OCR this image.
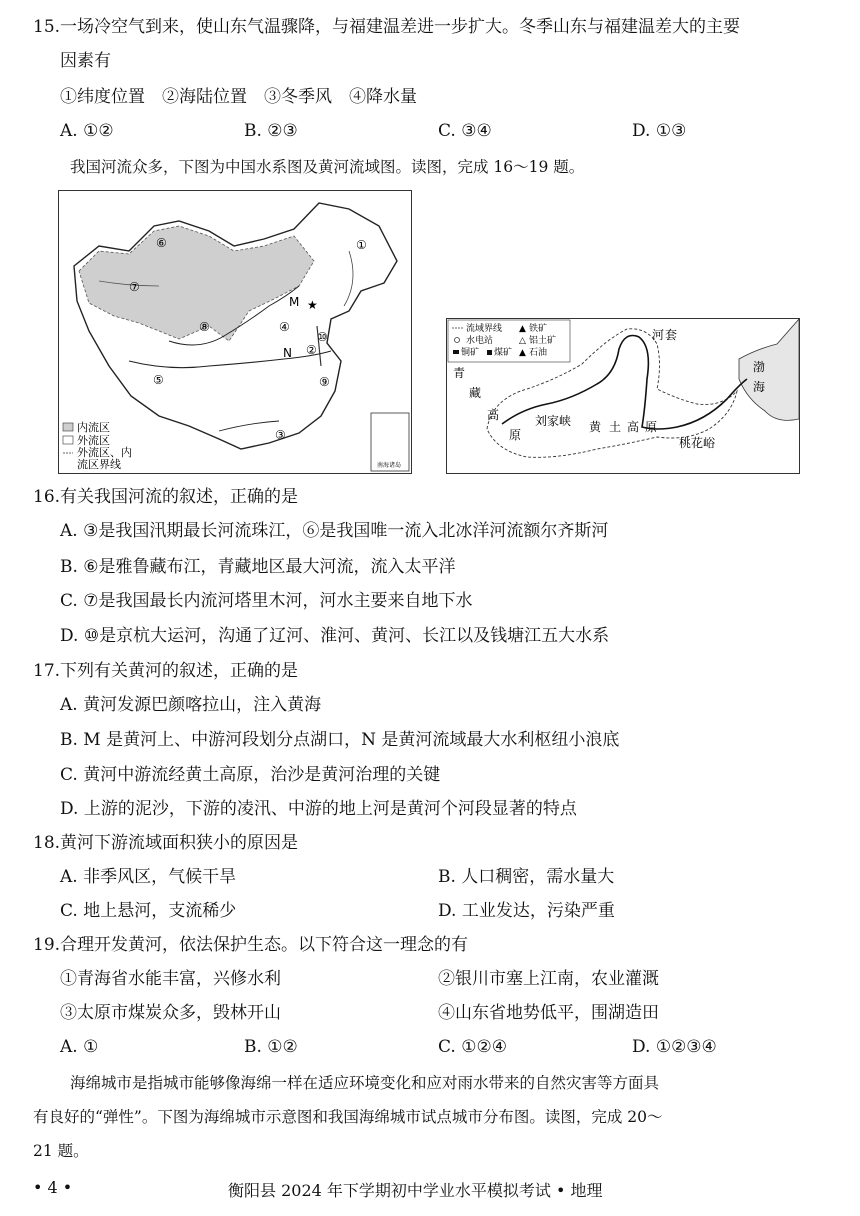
15.一场冷空气到来，使山东气温骤降，与福建温差进一步扩大。冬季山东与福建温差大的主要
因素有
①纬度位置　②海陆位置　③冬季风　④降水量
A. ①②	B. ②③	C. ③④	D. ①③
我国河流众多，下图为中国水系图及黄河流域图。读图，完成 16～19 题。
①
②
③
④
⑤
⑥
⑦
⑧
⑨
⑩
M
N
★
内流区
外流区
外流区、内
流区界线	南海诸岛
流域界线
水电站
铜矿 煤矿
▲ 铁矿
△ 铝土矿
▲ 石油
河 套
青
藏
高
原
黄 土 高 原
刘家峡
桃花峪
渤
海
16.有关我国河流的叙述，正确的是
A. ③是我国汛期最长河流珠江，⑥是我国唯一流入北冰洋河流额尔齐斯河
B. ⑥是雅鲁藏布江，青藏地区最大河流，流入太平洋
C. ⑦是我国最长内流河塔里木河，河水主要来自地下水
D. ⑩是京杭大运河，沟通了辽河、淮河、黄河、长江以及钱塘江五大水系
17.下列有关黄河的叙述，正确的是
A. 黄河发源巴颜喀拉山，注入黄海
B. M 是黄河上、中游河段划分点湖口，N 是黄河流域最大水利枢纽小浪底
C. 黄河中游流经黄土高原，治沙是黄河治理的关键
D. 上游的泥沙，下游的凌汛、中游的地上河是黄河个河段显著的特点
18.黄河下游流域面积狭小的原因是
A. 非季风区，气候干旱	B. 人口稠密，需水量大
C. 地上悬河，支流稀少	D. 工业发达，污染严重
19.合理开发黄河，依法保护生态。以下符合这一理念的有
①青海省水能丰富，兴修水利	②银川市塞上江南，农业灌溉
③太原市煤炭众多，毁林开山	④山东省地势低平，围湖造田
A. ①	B. ①②	C. ①②④	D. ①②③④
海绵城市是指城市能够像海绵一样在适应环境变化和应对雨水带来的自然灾害等方面具
有良好的“弹性”。下图为海绵城市示意图和我国海绵城市试点城市分布图。读图，完成 20～
21 题。
• 4 •	衡阳县 2024 年下学期初中学业水平模拟考试 • 地理
